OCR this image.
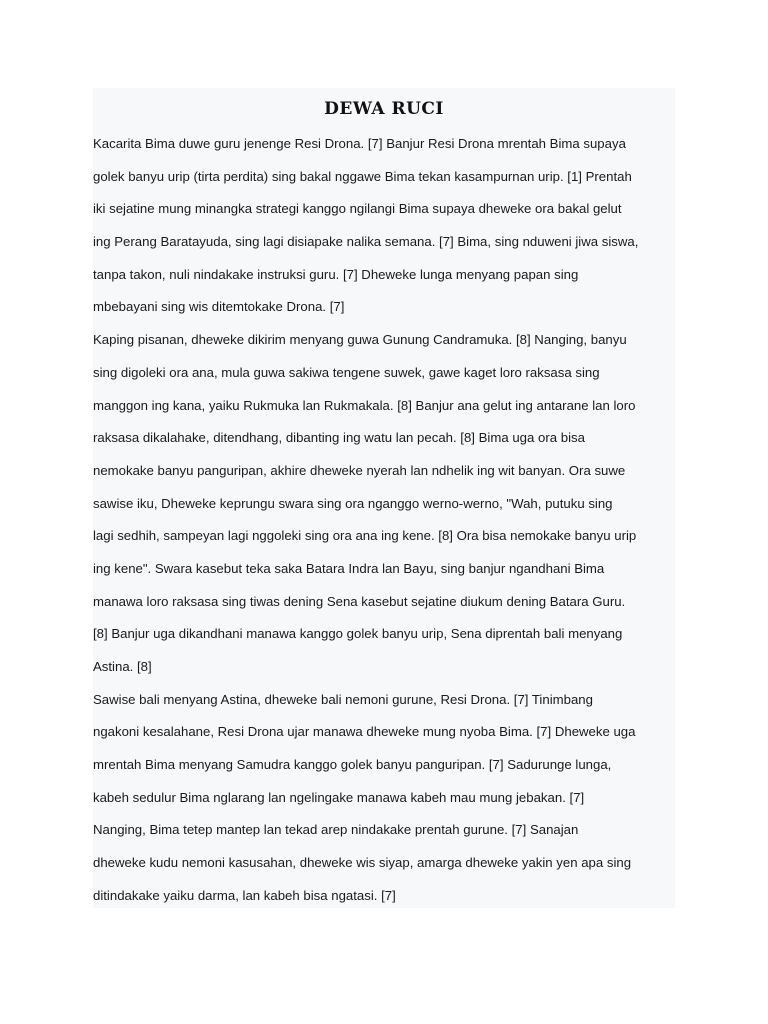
DEWA RUCI
Kacarita Bima duwe guru jenenge Resi Drona. [7] Banjur Resi Drona mrentah Bima supaya
golek banyu urip (tirta perdita) sing bakal nggawe Bima tekan kasampurnan urip. [1] Prentah
iki sejatine mung minangka strategi kanggo ngilangi Bima supaya dheweke ora bakal gelut
ing Perang Baratayuda, sing lagi disiapake nalika semana. [7] Bima, sing nduweni jiwa siswa,
tanpa takon, nuli nindakake instruksi guru. [7] Dheweke lunga menyang papan sing
mbebayani sing wis ditemtokake Drona. [7]
Kaping pisanan, dheweke dikirim menyang guwa Gunung Candramuka. [8] Nanging, banyu
sing digoleki ora ana, mula guwa sakiwa tengene suwek, gawe kaget loro raksasa sing
manggon ing kana, yaiku Rukmuka lan Rukmakala. [8] Banjur ana gelut ing antarane lan loro
raksasa dikalahake, ditendhang, dibanting ing watu lan pecah. [8] Bima uga ora bisa
nemokake banyu panguripan, akhire dheweke nyerah lan ndhelik ing wit banyan. Ora suwe
sawise iku, Dheweke keprungu swara sing ora nganggo werno-werno, "Wah, putuku sing
lagi sedhih, sampeyan lagi nggoleki sing ora ana ing kene. [8] Ora bisa nemokake banyu urip
ing kene". Swara kasebut teka saka Batara Indra lan Bayu, sing banjur ngandhani Bima
manawa loro raksasa sing tiwas dening Sena kasebut sejatine diukum dening Batara Guru.
[8] Banjur uga dikandhani manawa kanggo golek banyu urip, Sena diprentah bali menyang
Astina. [8]
Sawise bali menyang Astina, dheweke bali nemoni gurune, Resi Drona. [7] Tinimbang
ngakoni kesalahane, Resi Drona ujar manawa dheweke mung nyoba Bima. [7] Dheweke uga
mrentah Bima menyang Samudra kanggo golek banyu panguripan. [7] Sadurunge lunga,
kabeh sedulur Bima nglarang lan ngelingake manawa kabeh mau mung jebakan. [7]
Nanging, Bima tetep mantep lan tekad arep nindakake prentah gurune. [7] Sanajan
dheweke kudu nemoni kasusahan, dheweke wis siyap, amarga dheweke yakin yen apa sing
ditindakake yaiku darma, lan kabeh bisa ngatasi. [7]
